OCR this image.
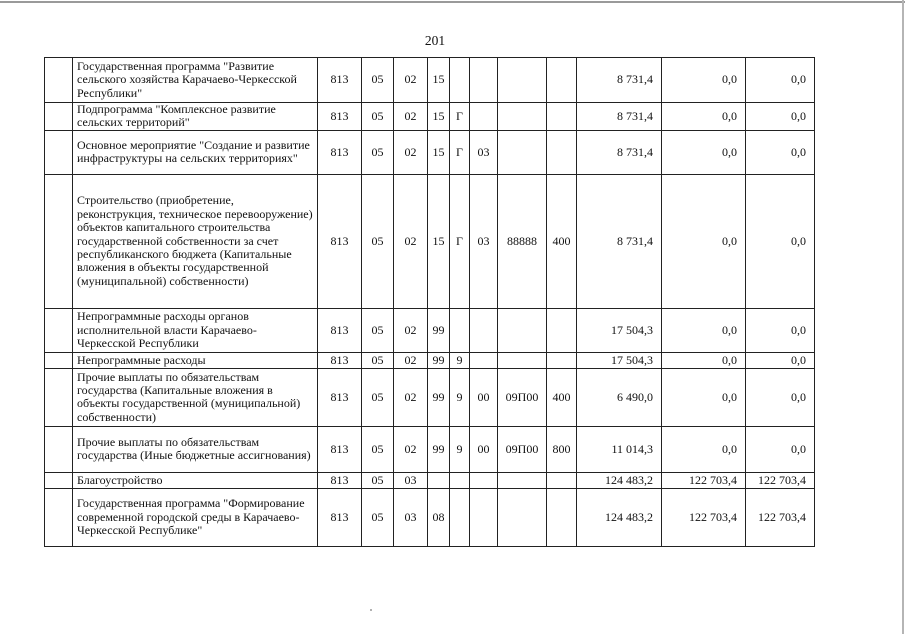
201
	Государственная программа "Развитие сельского хозяйства Карачаево-Черкесской Республики"	813	05	02	15					8 731,4	0,0	0,0
	Подпрограмма "Комплексное развитие сельских территорий"	813	05	02	15	Г				8 731,4	0,0	0,0
	Основное мероприятие "Создание и развитие инфраструктуры на сельских территориях"	813	05	02	15	Г	03			8 731,4	0,0	0,0
	Строительство (приобретение, реконструкция, техническое перевооружение) объектов капитального строительства государственной собственности за счет республиканского бюджета (Капитальные вложения в объекты государственной (муниципальной) собственности)	813	05	02	15	Г	03	88888	400	8 731,4	0,0	0,0
	Непрограммные расходы органов исполнительной власти Карачаево-Черкесской Республики	813	05	02	99					17 504,3	0,0	0,0
	Непрограммные расходы	813	05	02	99	9				17 504,3	0,0	0,0
	Прочие выплаты по обязательствам государства (Капитальные вложения в объекты государственной (муниципальной) собственности)	813	05	02	99	9	00	09П00	400	6 490,0	0,0	0,0
	Прочие выплаты по обязательствам государства (Иные бюджетные ассигнования)	813	05	02	99	9	00	09П00	800	11 014,3	0,0	0,0
	Благоустройство	813	05	03						124 483,2	122 703,4	122 703,4
	Государственная программа "Формирование современной городской среды в Карачаево-Черкесской Республике"	813	05	03	08					124 483,2	122 703,4	122 703,4
